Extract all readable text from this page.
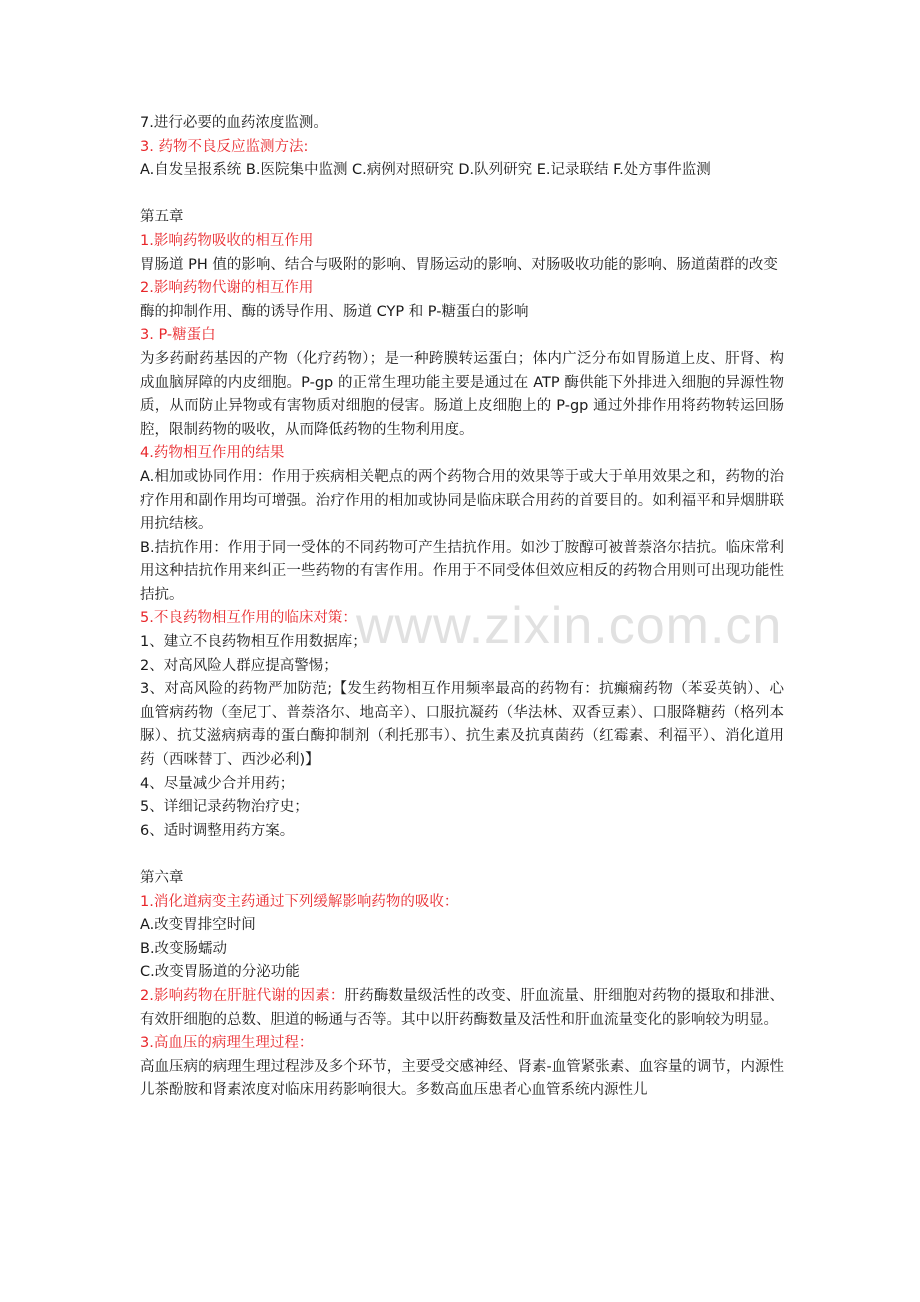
www.zixin.com.cn
7.进行必要的血药浓度监测。
3. 药物不良反应监测方法:
A.自发呈报系统 B.医院集中监测 C.病例对照研究 D.队列研究 E.记录联结 F.处方事件监测
第五章
1.影响药物吸收的相互作用
胃肠道 PH 值的影响、结合与吸附的影响、胃肠运动的影响、对肠吸收功能的影响、肠道菌群的改变
2.影响药物代谢的相互作用
酶的抑制作用、酶的诱导作用、肠道 CYP 和 P-糖蛋白的影响
3. P-糖蛋白
为多药耐药基因的产物（化疗药物）；是一种跨膜转运蛋白；体内广泛分布如胃肠道上皮、肝肾、构成血脑屏障的内皮细胞。P-gp 的正常生理功能主要是通过在 ATP 酶供能下外排进入细胞的异源性物质，从而防止异物或有害物质对细胞的侵害。肠道上皮细胞上的 P-gp 通过外排作用将药物转运回肠腔，限制药物的吸收，从而降低药物的生物利用度。
4.药物相互作用的结果
A.相加或协同作用：作用于疾病相关靶点的两个药物合用的效果等于或大于单用效果之和，药物的治疗作用和副作用均可增强。治疗作用的相加或协同是临床联合用药的首要目的。如利福平和异烟肼联用抗结核。
B.拮抗作用：作用于同一受体的不同药物可产生拮抗作用。如沙丁胺醇可被普萘洛尔拮抗。临床常利用这种拮抗作用来纠正一些药物的有害作用。作用于不同受体但效应相反的药物合用则可出现功能性拮抗。
5.不良药物相互作用的临床对策：
1、建立不良药物相互作用数据库；
2、对高风险人群应提高警惕；
3、对高风险的药物严加防范;【发生药物相互作用频率最高的药物有：抗癫痫药物（苯妥英钠）、心血管病药物（奎尼丁、普萘洛尔、地高辛）、口服抗凝药（华法林、双香豆素）、口服降糖药（格列本脲）、抗艾滋病病毒的蛋白酶抑制剂（利托那韦）、抗生素及抗真菌药（红霉素、利福平）、消化道用药（西咪替丁、西沙必利)】
4、尽量减少合并用药；
5、详细记录药物治疗史；
6、适时调整用药方案。
第六章
1.消化道病变主药通过下列缓解影响药物的吸收：
A.改变胃排空时间
B.改变肠蠕动
C.改变胃肠道的分泌功能
2.影响药物在肝脏代谢的因素：肝药酶数量级活性的改变、肝血流量、肝细胞对药物的摄取和排泄、有效肝细胞的总数、胆道的畅通与否等。其中以肝药酶数量及活性和肝血流量变化的影响较为明显。
3.高血压的病理生理过程：
高血压病的病理生理过程涉及多个环节，主要受交感神经、肾素-血管紧张素、血容量的调节，内源性儿茶酚胺和肾素浓度对临床用药影响很大。多数高血压患者心血管系统内源性儿
